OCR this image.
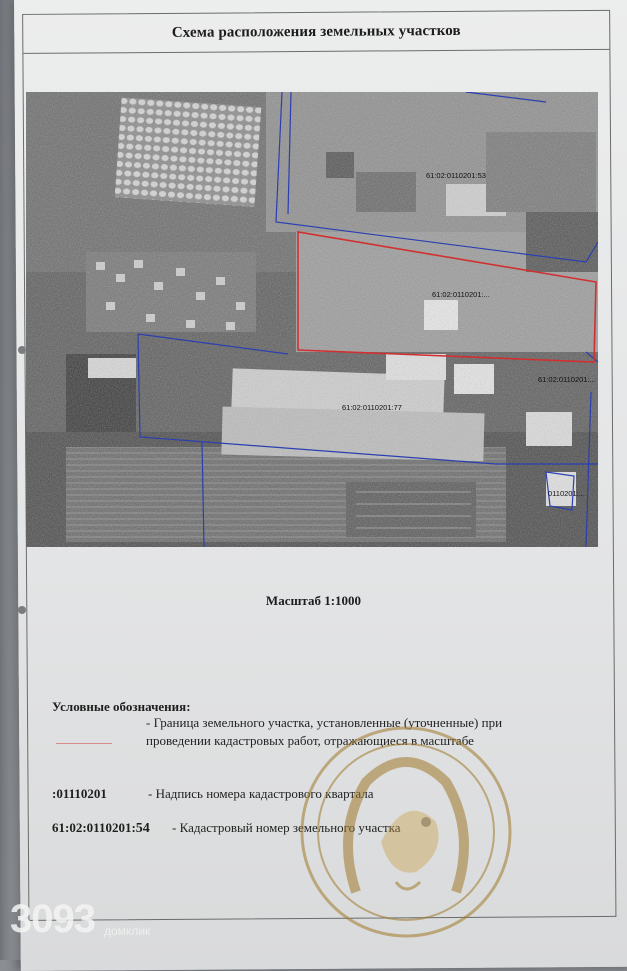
Схема расположения земельных участков
61:02:0110201:53
61:02:0110201:...
61:02:0110201:77
61:02:0110201:...
0110201:...
Масштаб 1:1000
Условные обозначения:
- Граница земельного участка, установленные (уточненные) при проведении кадастровых работ, отражающиеся в масштабе
:01110201	- Надпись номера кадастрового квартала
61:02:0110201:54 - Кадастровый номер земельного участка
3093 домклик
